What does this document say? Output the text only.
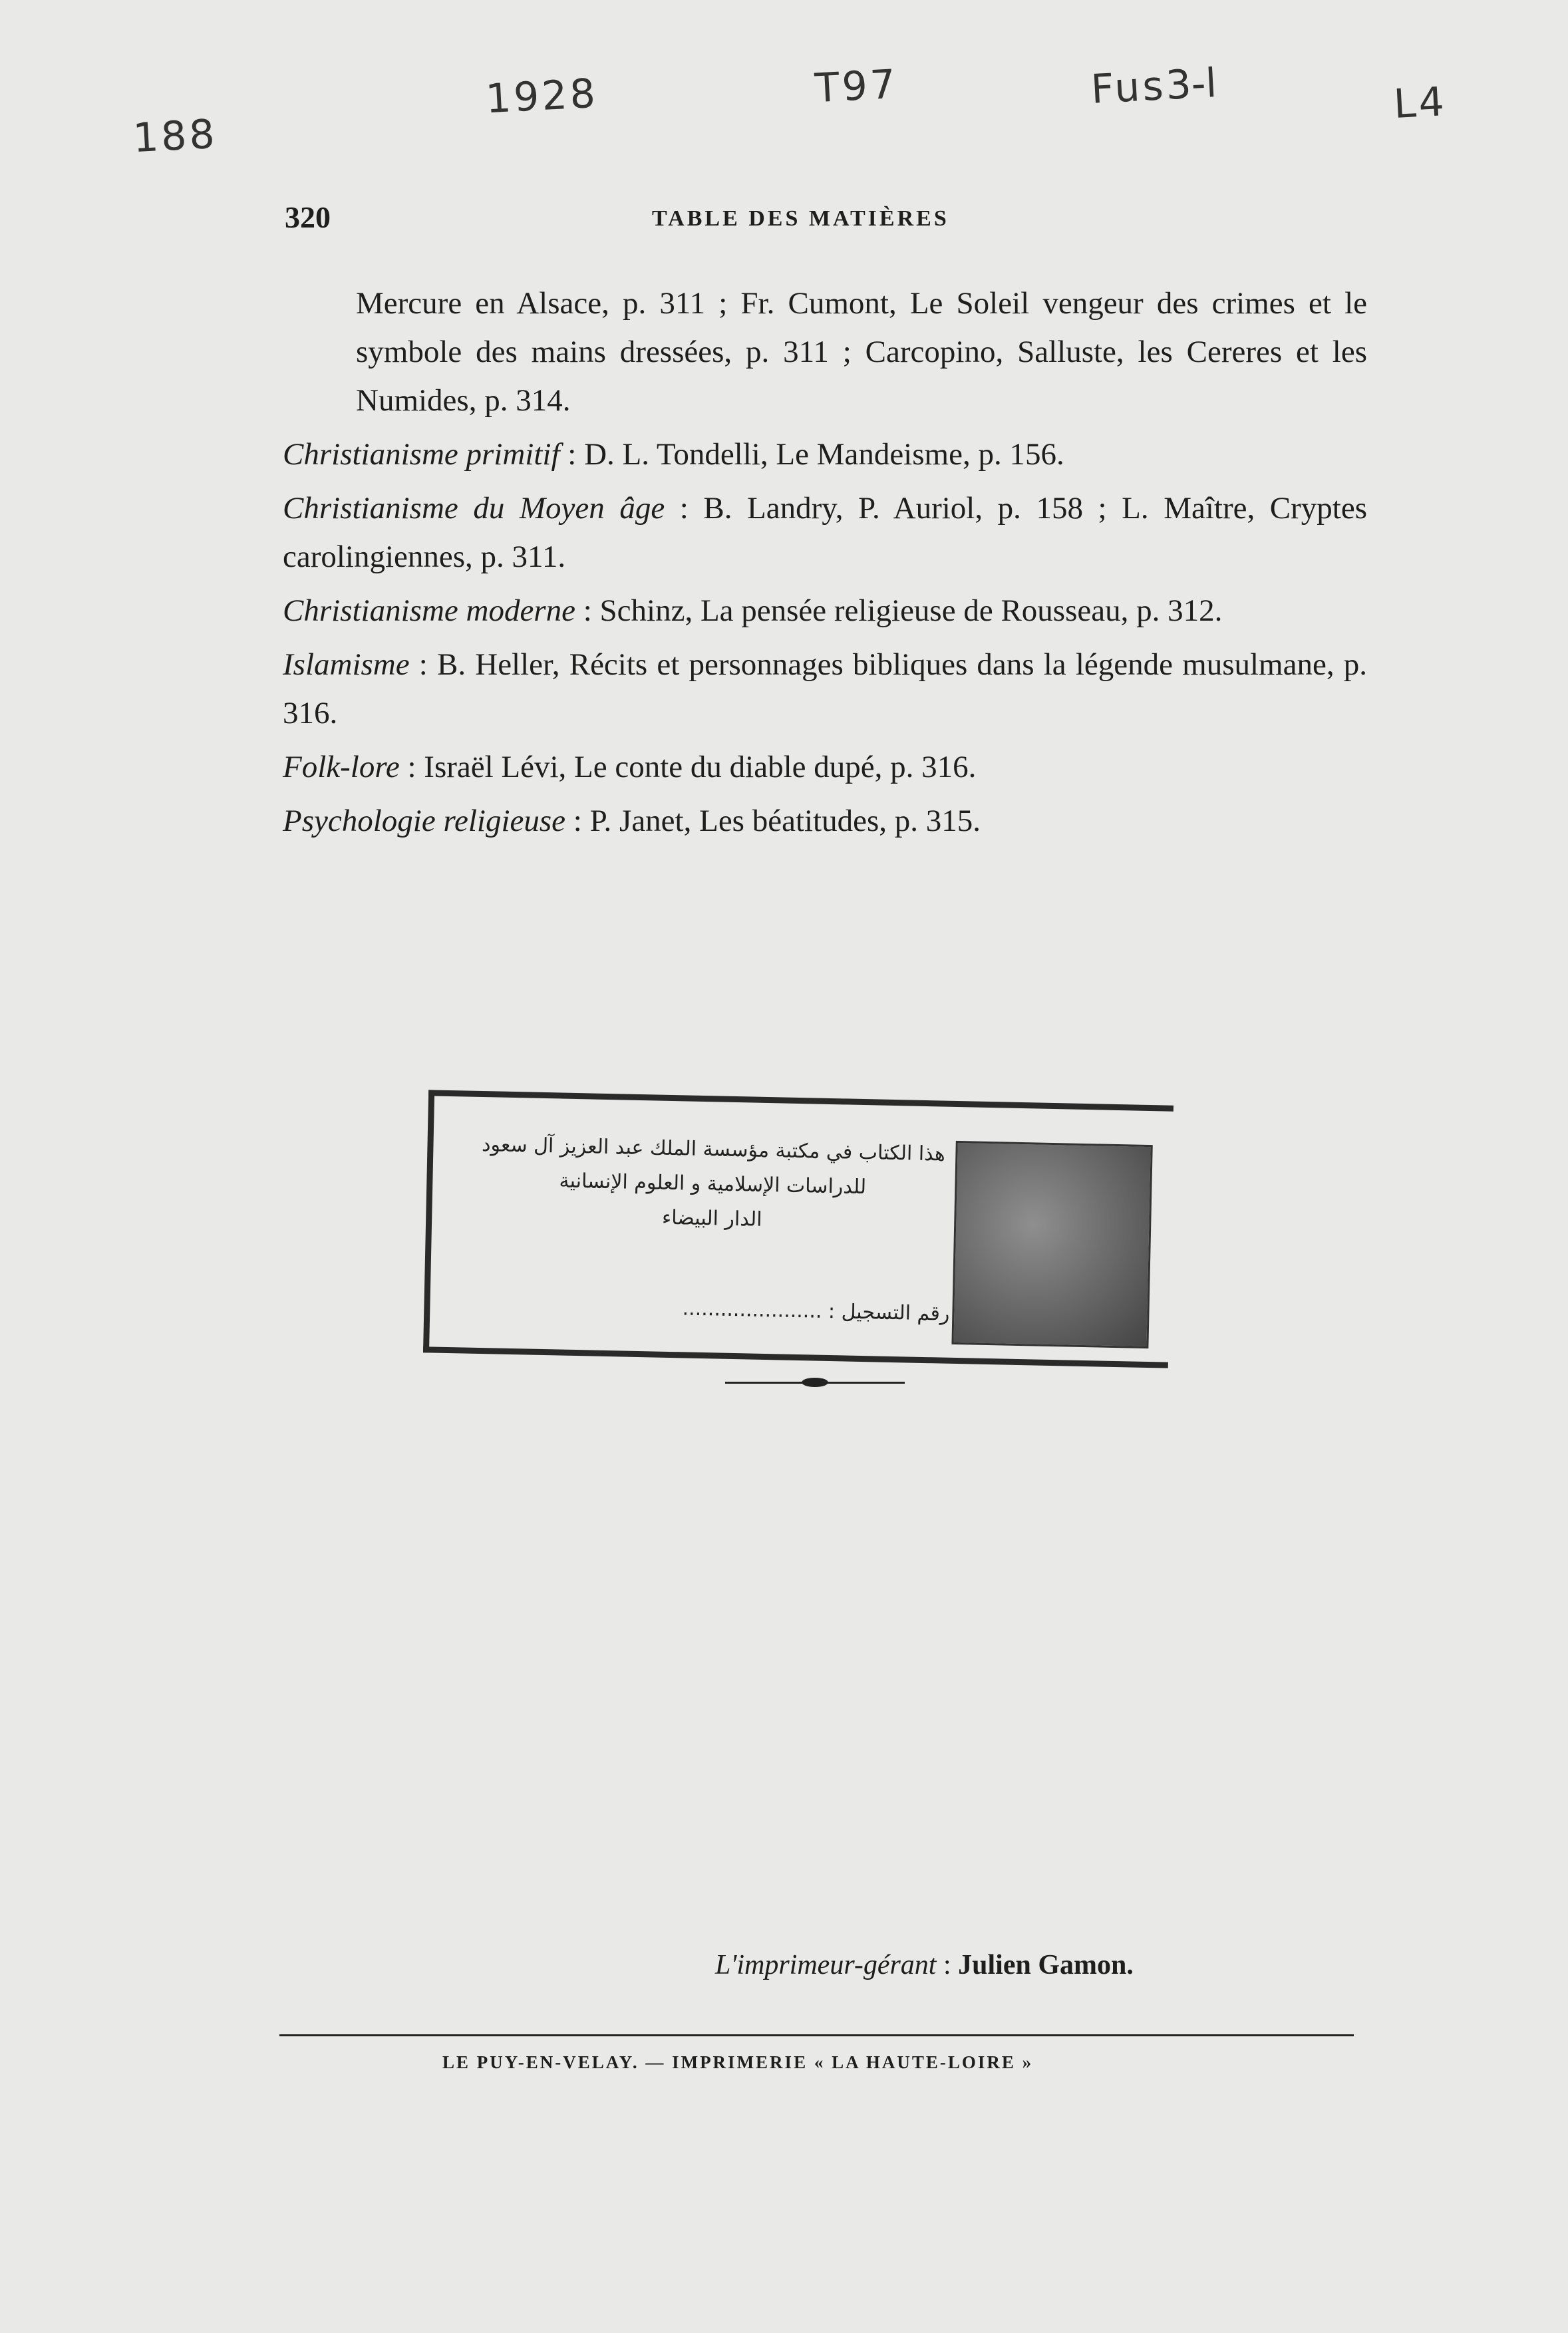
188
1928	T97	Fusا-3	L4
320	TABLE DES MATIÈRES

Mercure en Alsace, p. 311 ; Fr. Cumont, Le Soleil vengeur des crimes et le symbole des mains dressées, p. 311 ; Carcopino, Salluste, les Cereres et les Numides, p. 314.

Christianisme primitif : D. L. Tondelli, Le Mandeisme, p. 156.

Christianisme du Moyen âge : B. Landry, P. Auriol, p. 158 ; L. Maître, Cryptes carolingiennes, p. 311.

Christianisme moderne : Schinz, La pensée religieuse de Rousseau, p. 312.

Islamisme : B. Heller, Récits et personnages bibliques dans la légende musulmane, p. 316.

Folk-lore : Israël Lévi, Le conte du diable dupé, p. 316.

Psychologie religieuse : P. Janet, Les béatitudes, p. 315.

هذا الكتاب في مكتبة مؤسسة الملك عبد العزيز آل سعود
للدراسات الإسلامية و العلوم الإنسانية
الدار البيضاء
رقم التسجيل : ......................
L'imprimeur-gérant : Julien Gamon.
LE PUY-EN-VELAY. — IMPRIMERIE « LA HAUTE-LOIRE »
